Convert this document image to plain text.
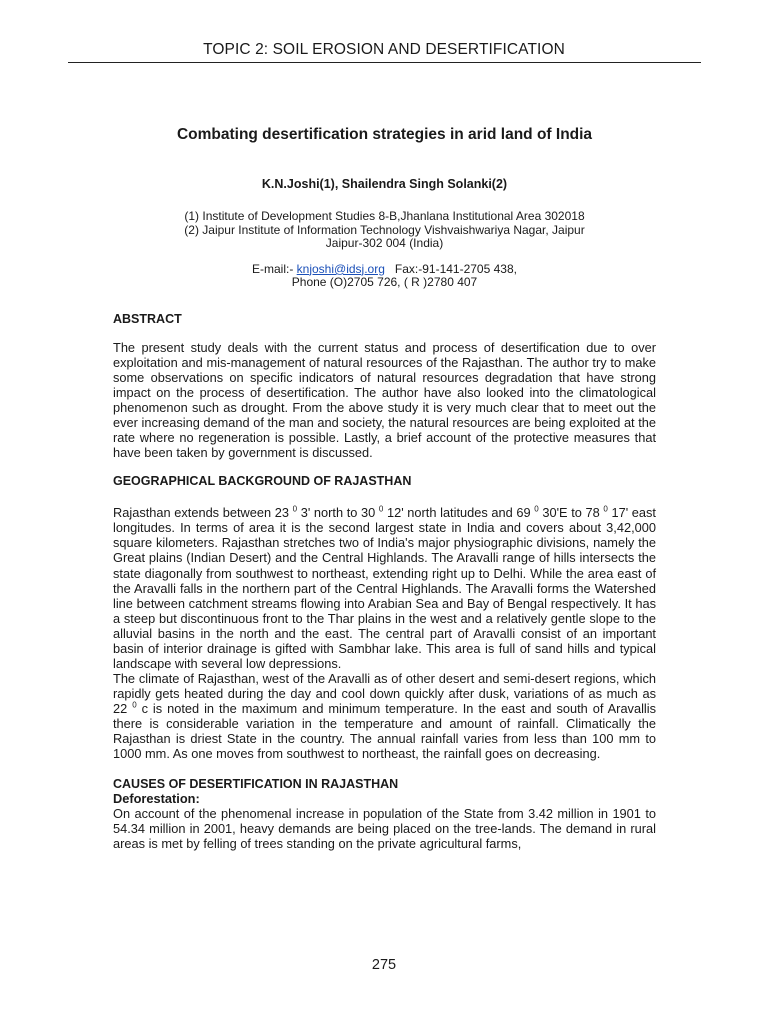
TOPIC 2: SOIL EROSION AND DESERTIFICATION
Combating desertification strategies in arid land of India

K.N.Joshi(1), Shailendra Singh Solanki(2)

(1) Institute of Development Studies 8-B,Jhanlana Institutional Area 302018
(2) Jaipur Institute of Information Technology Vishvaishwariya Nagar, Jaipur
Jaipur-302 004 (India)
E-mail:- knjoshi@idsj.org   Fax:-91-141-2705 438,
Phone (O)2705 726, ( R )2780 407
ABSTRACT

The present study deals with the current status and process of desertification due to over exploitation and mis-management of natural resources of the Rajasthan. The author try to make some observations on specific indicators of natural resources degradation that have strong impact on the process of desertification. The author have also looked into the climatological phenomenon such as drought. From the above study it is very much clear that to meet out the ever increasing demand of the man and society, the natural resources are being exploited at the rate where no regeneration is possible. Lastly, a brief account of the protective measures that have been taken by government is discussed.

GEOGRAPHICAL BACKGROUND OF RAJASTHAN

Rajasthan extends between 23 $^0$ 3' north to 30 $^0$ 12' north latitudes and 69 $^0$ 30'E to 78 $^0$ 17' east longitudes. In terms of area it is the second largest state in India and covers about 3,42,000 square kilometers. Rajasthan stretches two of India's major physiographic divisions, namely the Great plains (Indian Desert) and the Central Highlands. The Aravalli range of hills intersects the state diagonally from southwest to northeast, extending right up to Delhi. While the area east of the Aravalli falls in the northern part of the Central Highlands. The Aravalli forms the Watershed line between catchment streams flowing into Arabian Sea and Bay of Bengal respectively. It has a steep but discontinuous front to the Thar plains in the west and a relatively gentle slope to the alluvial basins in the north and the east. The central part of Aravalli consist of an important basin of interior drainage is gifted with Sambhar lake. This area is full of sand hills and typical landscape with several low depressions.

The climate of Rajasthan, west of the Aravalli as of other desert and semi-desert regions, which rapidly gets heated during the day and cool down quickly after dusk, variations of as much as 22 $^0$ c is noted in the maximum and minimum temperature. In the east and south of Aravallis there is considerable variation in the temperature and amount of rainfall. Climatically the Rajasthan is driest State in the country. The annual rainfall varies from less than 100 mm to 1000 mm. As one moves from southwest to northeast, the rainfall goes on decreasing.

CAUSES OF DESERTIFICATION IN RAJASTHAN

Deforestation:

On account of the phenomenal increase in population of the State from 3.42 million in 1901 to 54.34 million in 2001, heavy demands are being placed on the tree-lands. The demand in rural areas is met by felling of trees standing on the private agricultural farms,

275
